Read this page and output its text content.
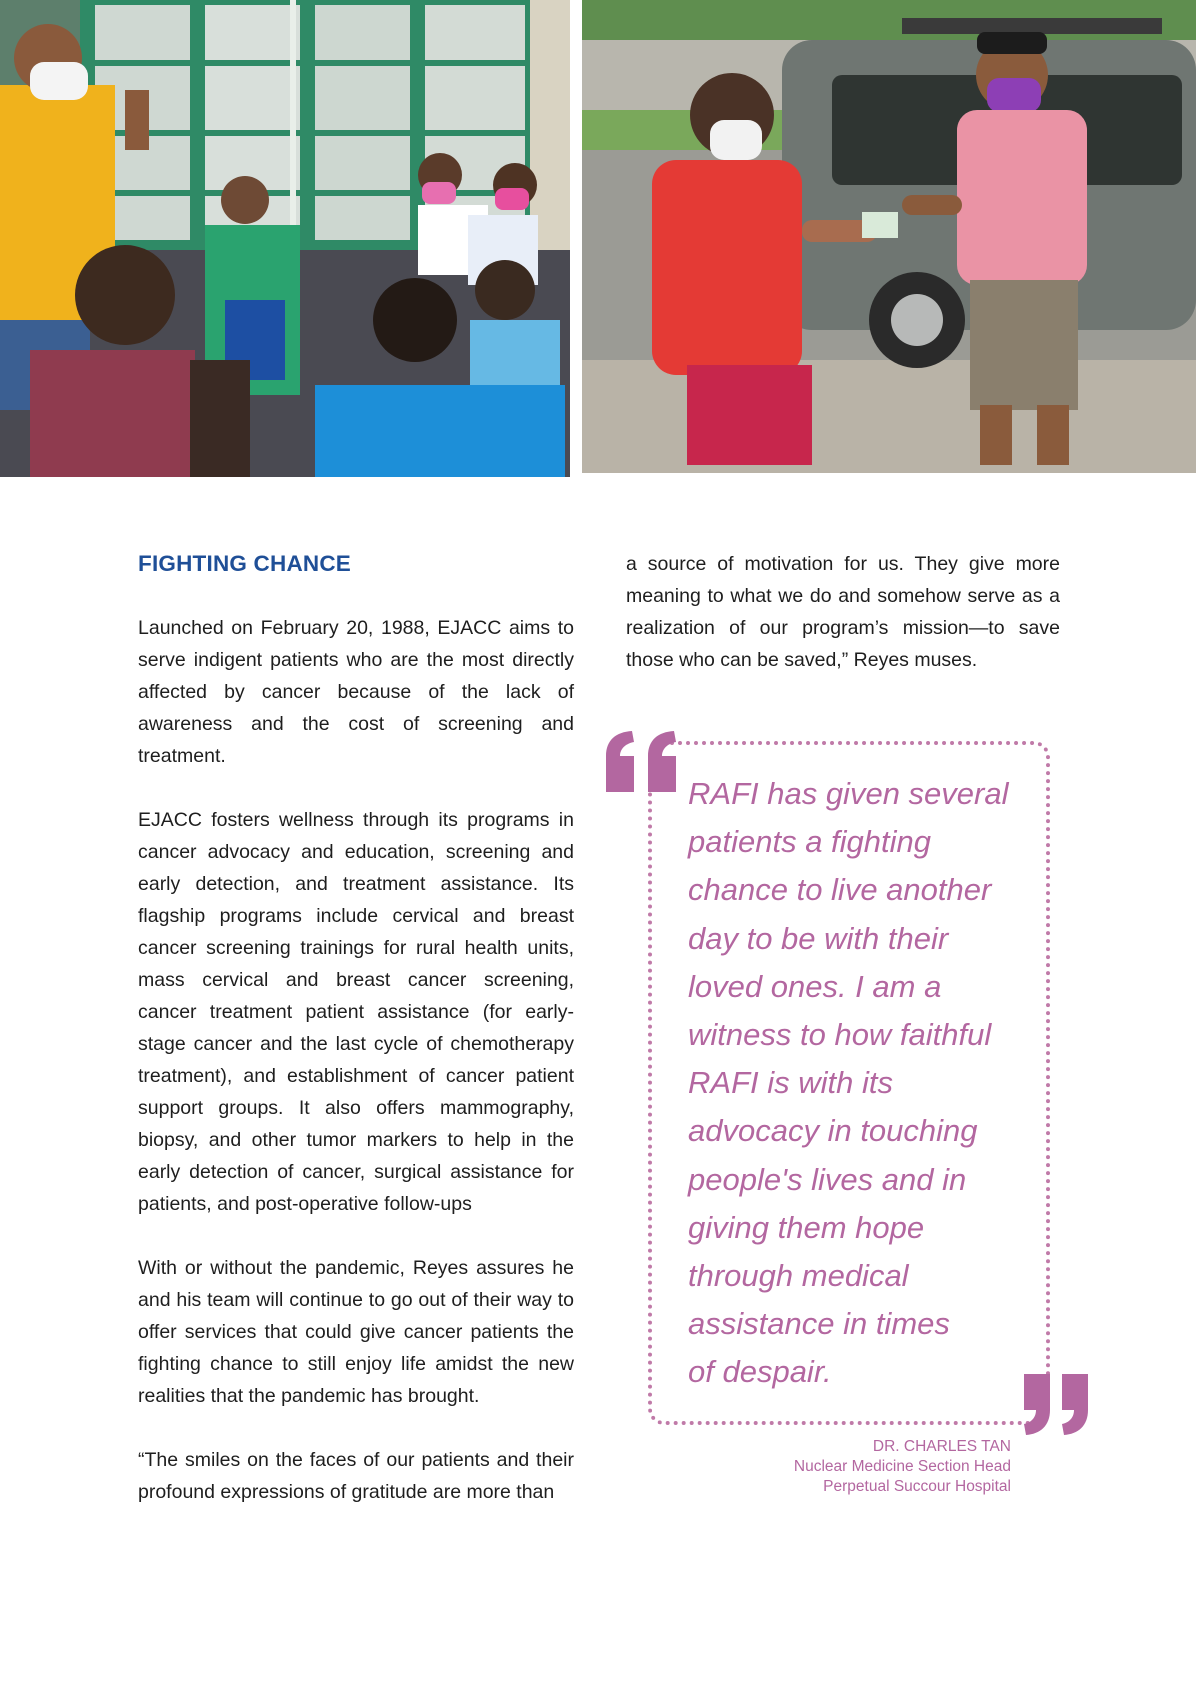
FIGHTING CHANCE

Launched on February 20, 1988, EJACC aims to serve indigent patients who are the most directly affected by cancer because of the lack of awareness and the cost of screening and treatment.

EJACC fosters wellness through its programs in cancer advocacy and education, screening and early detection, and treatment assistance. Its flagship programs include cervical and breast cancer screening trainings for rural health units, mass cervical and breast cancer screening, cancer treatment patient assistance (for early-stage cancer and the last cycle of chemotherapy treatment), and establishment of cancer patient support groups. It also offers mammography, biopsy, and other tumor markers to help in the early detection of cancer, surgical assistance for patients, and post-operative follow-ups

With or without the pandemic, Reyes assures he and his team will continue to go out of their way to offer services that could give cancer patients the fighting chance to still enjoy life amidst the new realities that the pandemic has brought.

“The smiles on the faces of our patients and their profound expressions of gratitude are more than

a source of motivation for us. They give more meaning to what we do and somehow serve as a realization of our program’s mission—to save those who can be saved,” Reyes muses.

RAFI has given several
patients a fighting
chance to live another
day to be with their
loved ones. I am a
witness to how faithful
RAFI is with its
advocacy in touching
people's lives and in
giving them hope
through medical
assistance in times
of despair.
DR. CHARLES TAN
Nuclear Medicine Section Head
Perpetual Succour Hospital
